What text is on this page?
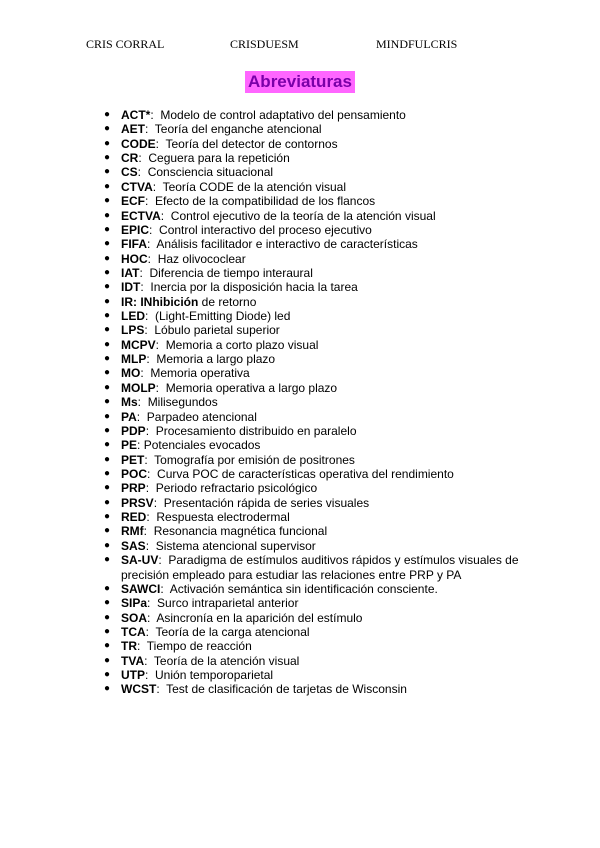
CRIS CORRAL	CRISDUESM	MINDFULCRIS
Abreviaturas
● ACT*:  Modelo de control adaptativo del pensamiento
● AET:  Teoría del enganche atencional
● CODE:  Teoría del detector de contornos
● CR:  Ceguera para la repetición
● CS:  Consciencia situacional
● CTVA:  Teoría CODE de la atención visual
● ECF:  Efecto de la compatibilidad de los flancos
● ECTVA:  Control ejecutivo de la teoría de la atención visual
● EPIC:  Control interactivo del proceso ejecutivo
● FIFA:  Análisis facilitador e interactivo de características
● HOC:  Haz olivococlear
● IAT:  Diferencia de tiempo interaural
● IDT:  Inercia por la disposición hacia la tarea
● IR: INhibición de retorno
● LED:  (Light-Emitting Diode) led
● LPS:  Lóbulo parietal superior
● MCPV:  Memoria a corto plazo visual
● MLP:  Memoria a largo plazo
● MO:  Memoria operativa
● MOLP:  Memoria operativa a largo plazo
● Ms:  Milisegundos
● PA:  Parpadeo atencional
● PDP:  Procesamiento distribuido en paralelo
● PE: Potenciales evocados
● PET:  Tomografía por emisión de positrones
● POC:  Curva POC de características operativa del rendimiento
● PRP:  Periodo refractario psicológico
● PRSV:  Presentación rápida de series visuales
● RED:  Respuesta electrodermal
● RMf:  Resonancia magnética funcional
● SAS:  Sistema atencional supervisor
● SA-UV:  Paradigma de estímulos auditivos rápidos y estímulos visuales de precisión empleado para estudiar las relaciones entre PRP y PA
● SAWCI:  Activación semántica sin identificación consciente.
● SIPa:  Surco intraparietal anterior
● SOA:  Asincronía en la aparición del estímulo
● TCA:  Teoría de la carga atencional
● TR:  Tiempo de reacción
● TVA:  Teoría de la atención visual
● UTP:  Unión temporoparietal
● WCST:  Test de clasificación de tarjetas de Wisconsin
